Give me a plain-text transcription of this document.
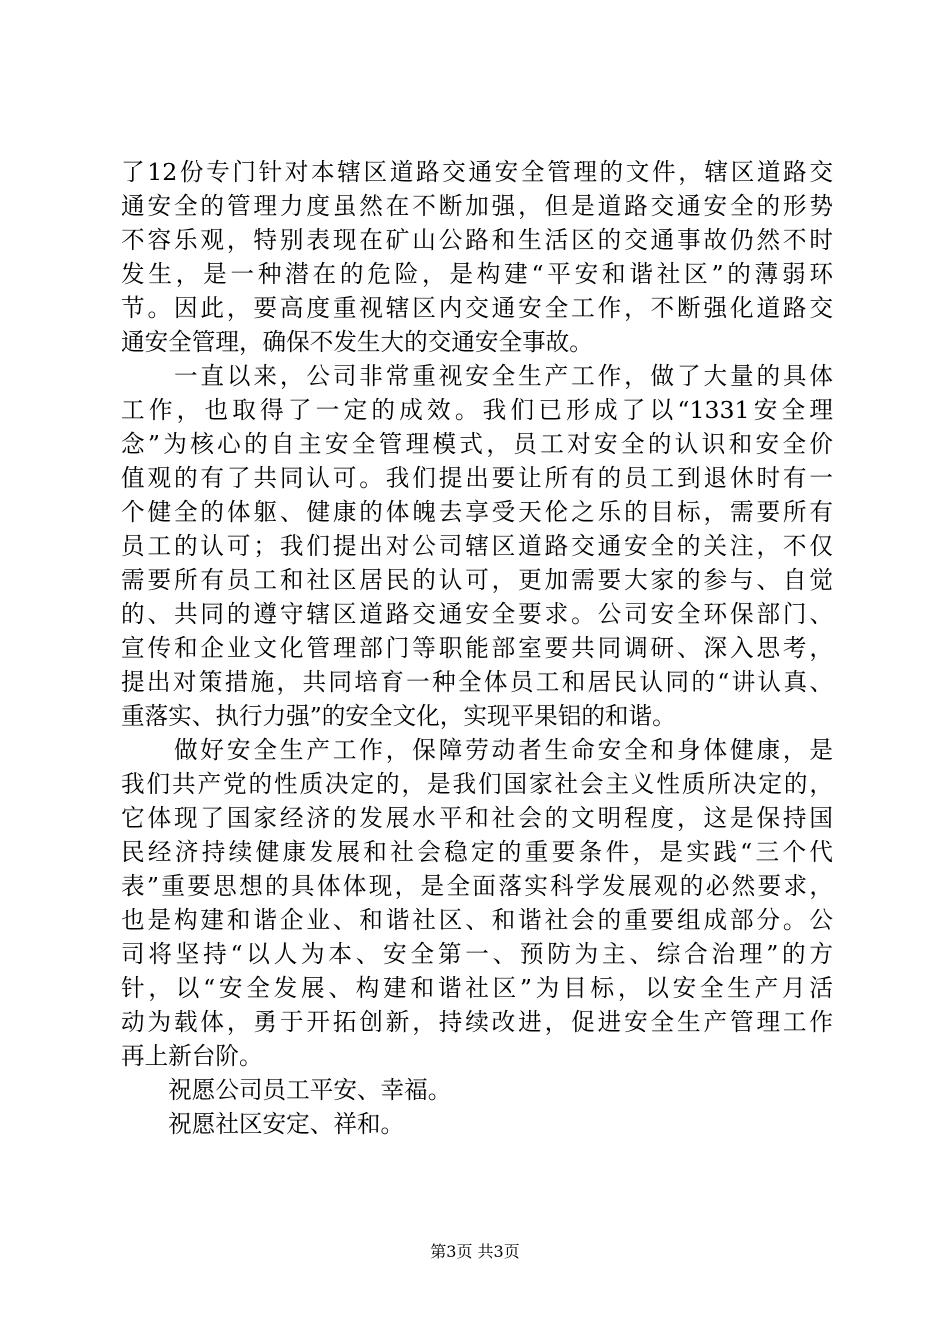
了12份专门针对本辖区道路交通安全管理的文件，辖区道路交
通安全的管理力度虽然在不断加强，但是道路交通安全的形势
不容乐观，特别表现在矿山公路和生活区的交通事故仍然不时
发生，是一种潜在的危险，是构建“平安和谐社区”的薄弱环
节。因此，要高度重视辖区内交通安全工作，不断强化道路交
通安全管理，确保不发生大的交通安全事故。
　　一直以来，公司非常重视安全生产工作，做了大量的具体
工作，也取得了一定的成效。我们已形成了以“1331安全理
念”为核心的自主安全管理模式，员工对安全的认识和安全价
值观的有了共同认可。我们提出要让所有的员工到退休时有一
个健全的体躯、健康的体魄去享受天伦之乐的目标，需要所有
员工的认可；我们提出对公司辖区道路交通安全的关注，不仅
需要所有员工和社区居民的认可，更加需要大家的参与、自觉
的、共同的遵守辖区道路交通安全要求。公司安全环保部门、
宣传和企业文化管理部门等职能部室要共同调研、深入思考，
提出对策措施，共同培育一种全体员工和居民认同的“讲认真、
重落实、执行力强”的安全文化，实现平果铝的和谐。
　　做好安全生产工作，保障劳动者生命安全和身体健康，是
我们共产党的性质决定的，是我们国家社会主义性质所决定的，
它体现了国家经济的发展水平和社会的文明程度，这是保持国
民经济持续健康发展和社会稳定的重要条件，是实践“三个代
表”重要思想的具体体现，是全面落实科学发展观的必然要求，
也是构建和谐企业、和谐社区、和谐社会的重要组成部分。公
司将坚持“以人为本、安全第一、预防为主、综合治理”的方
针，以“安全发展、构建和谐社区”为目标，以安全生产月活
动为载体，勇于开拓创新，持续改进，促进安全生产管理工作
再上新台阶。
　　祝愿公司员工平安、幸福。
　　祝愿社区安定、祥和。
第3页 共3页
